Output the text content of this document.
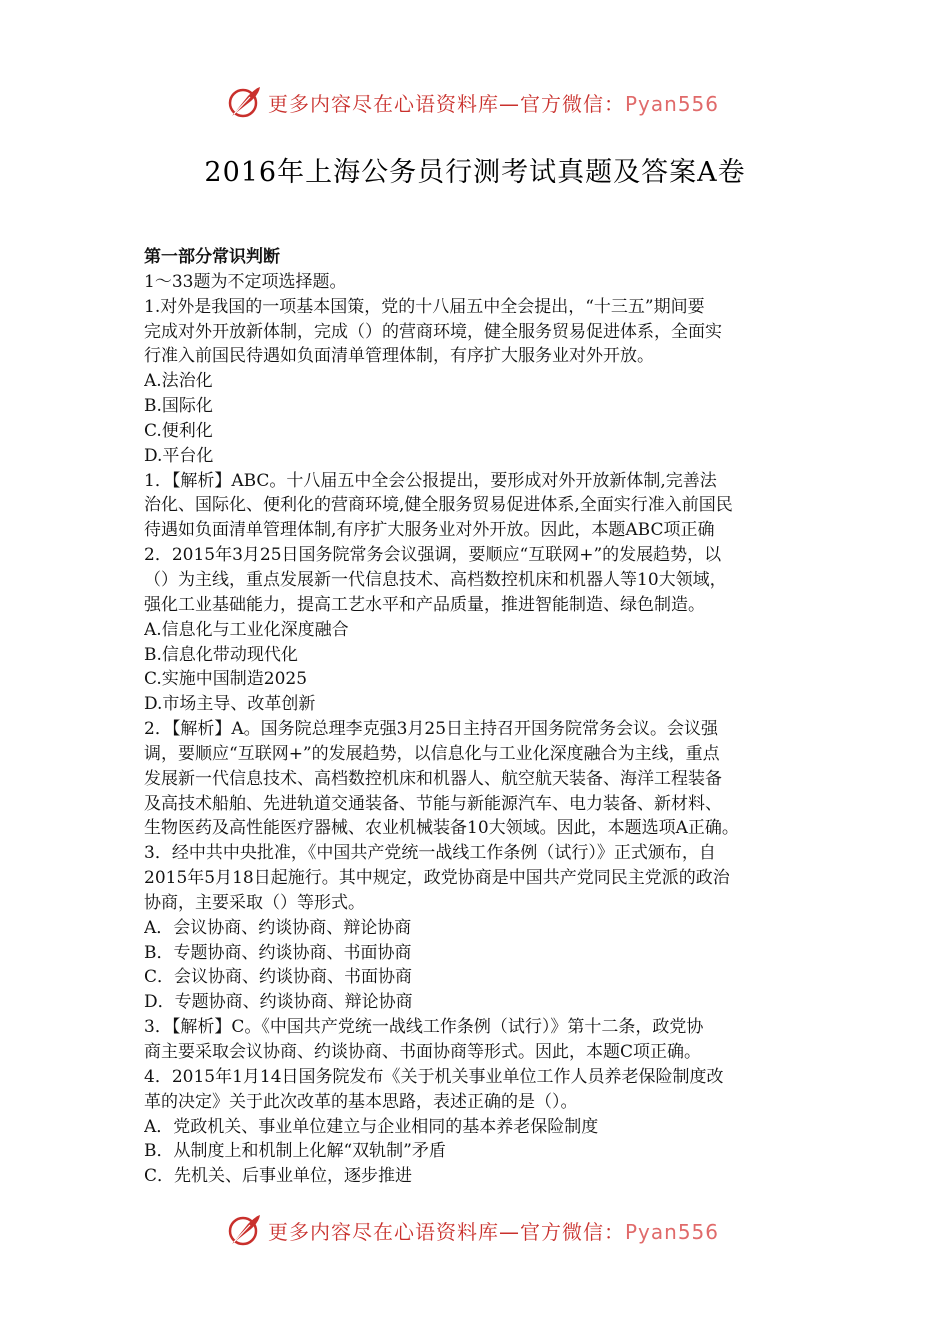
更多内容尽在心语资料库—官方微信：Pyan556
2016年上海公务员行测考试真题及答案A卷
第一部分常识判断
1～33题为不定项选择题。
1.对外是我国的一项基本国策，党的十八届五中全会提出，“十三五”期间要
完成对外开放新体制，完成（）的营商环境，健全服务贸易促进体系，全面实
行准入前国民待遇如负面清单管理体制，有序扩大服务业对外开放。
A.法治化
B.国际化
C.便利化
D.平台化
1．【解析】ABC。十八届五中全会公报提出，要形成对外开放新体制,完善法
治化、国际化、便利化的营商环境,健全服务贸易促进体系,全面实行准入前国民
待遇如负面清单管理体制,有序扩大服务业对外开放。因此，本题ABC项正确
2．2015年3月25日国务院常务会议强调，要顺应“互联网+”的发展趋势，以
（）为主线，重点发展新一代信息技术、高档数控机床和机器人等10大领域，
强化工业基础能力，提高工艺水平和产品质量，推进智能制造、绿色制造。
A.信息化与工业化深度融合
B.信息化带动现代化
C.实施中国制造2025
D.市场主导、改革创新
2．【解析】A。国务院总理李克强3月25日主持召开国务院常务会议。会议强
调，要顺应“互联网+”的发展趋势，以信息化与工业化深度融合为主线，重点
发展新一代信息技术、高档数控机床和机器人、航空航天装备、海洋工程装备
及高技术船舶、先进轨道交通装备、节能与新能源汽车、电力装备、新材料、
生物医药及高性能医疗器械、农业机械装备10大领域。因此，本题选项A正确。
3．经中共中央批准，《中国共产党统一战线工作条例（试行）》正式颁布，自
2015年5月18日起施行。其中规定，政党协商是中国共产党同民主党派的政治
协商，主要采取（）等形式。
A．会议协商、约谈协商、辩论协商
B．专题协商、约谈协商、书面协商
C．会议协商、约谈协商、书面协商
D．专题协商、约谈协商、辩论协商
3．【解析】C。《中国共产党统一战线工作条例（试行）》第十二条，政党协
商主要采取会议协商、约谈协商、书面协商等形式。因此，本题C项正确。
4．2015年1月14日国务院发布《关于机关事业单位工作人员养老保险制度改
革的决定》关于此次改革的基本思路，表述正确的是（）。
A．党政机关、事业单位建立与企业相同的基本养老保险制度
B．从制度上和机制上化解“双轨制”矛盾
C．先机关、后事业单位，逐步推进
更多内容尽在心语资料库—官方微信：Pyan556
